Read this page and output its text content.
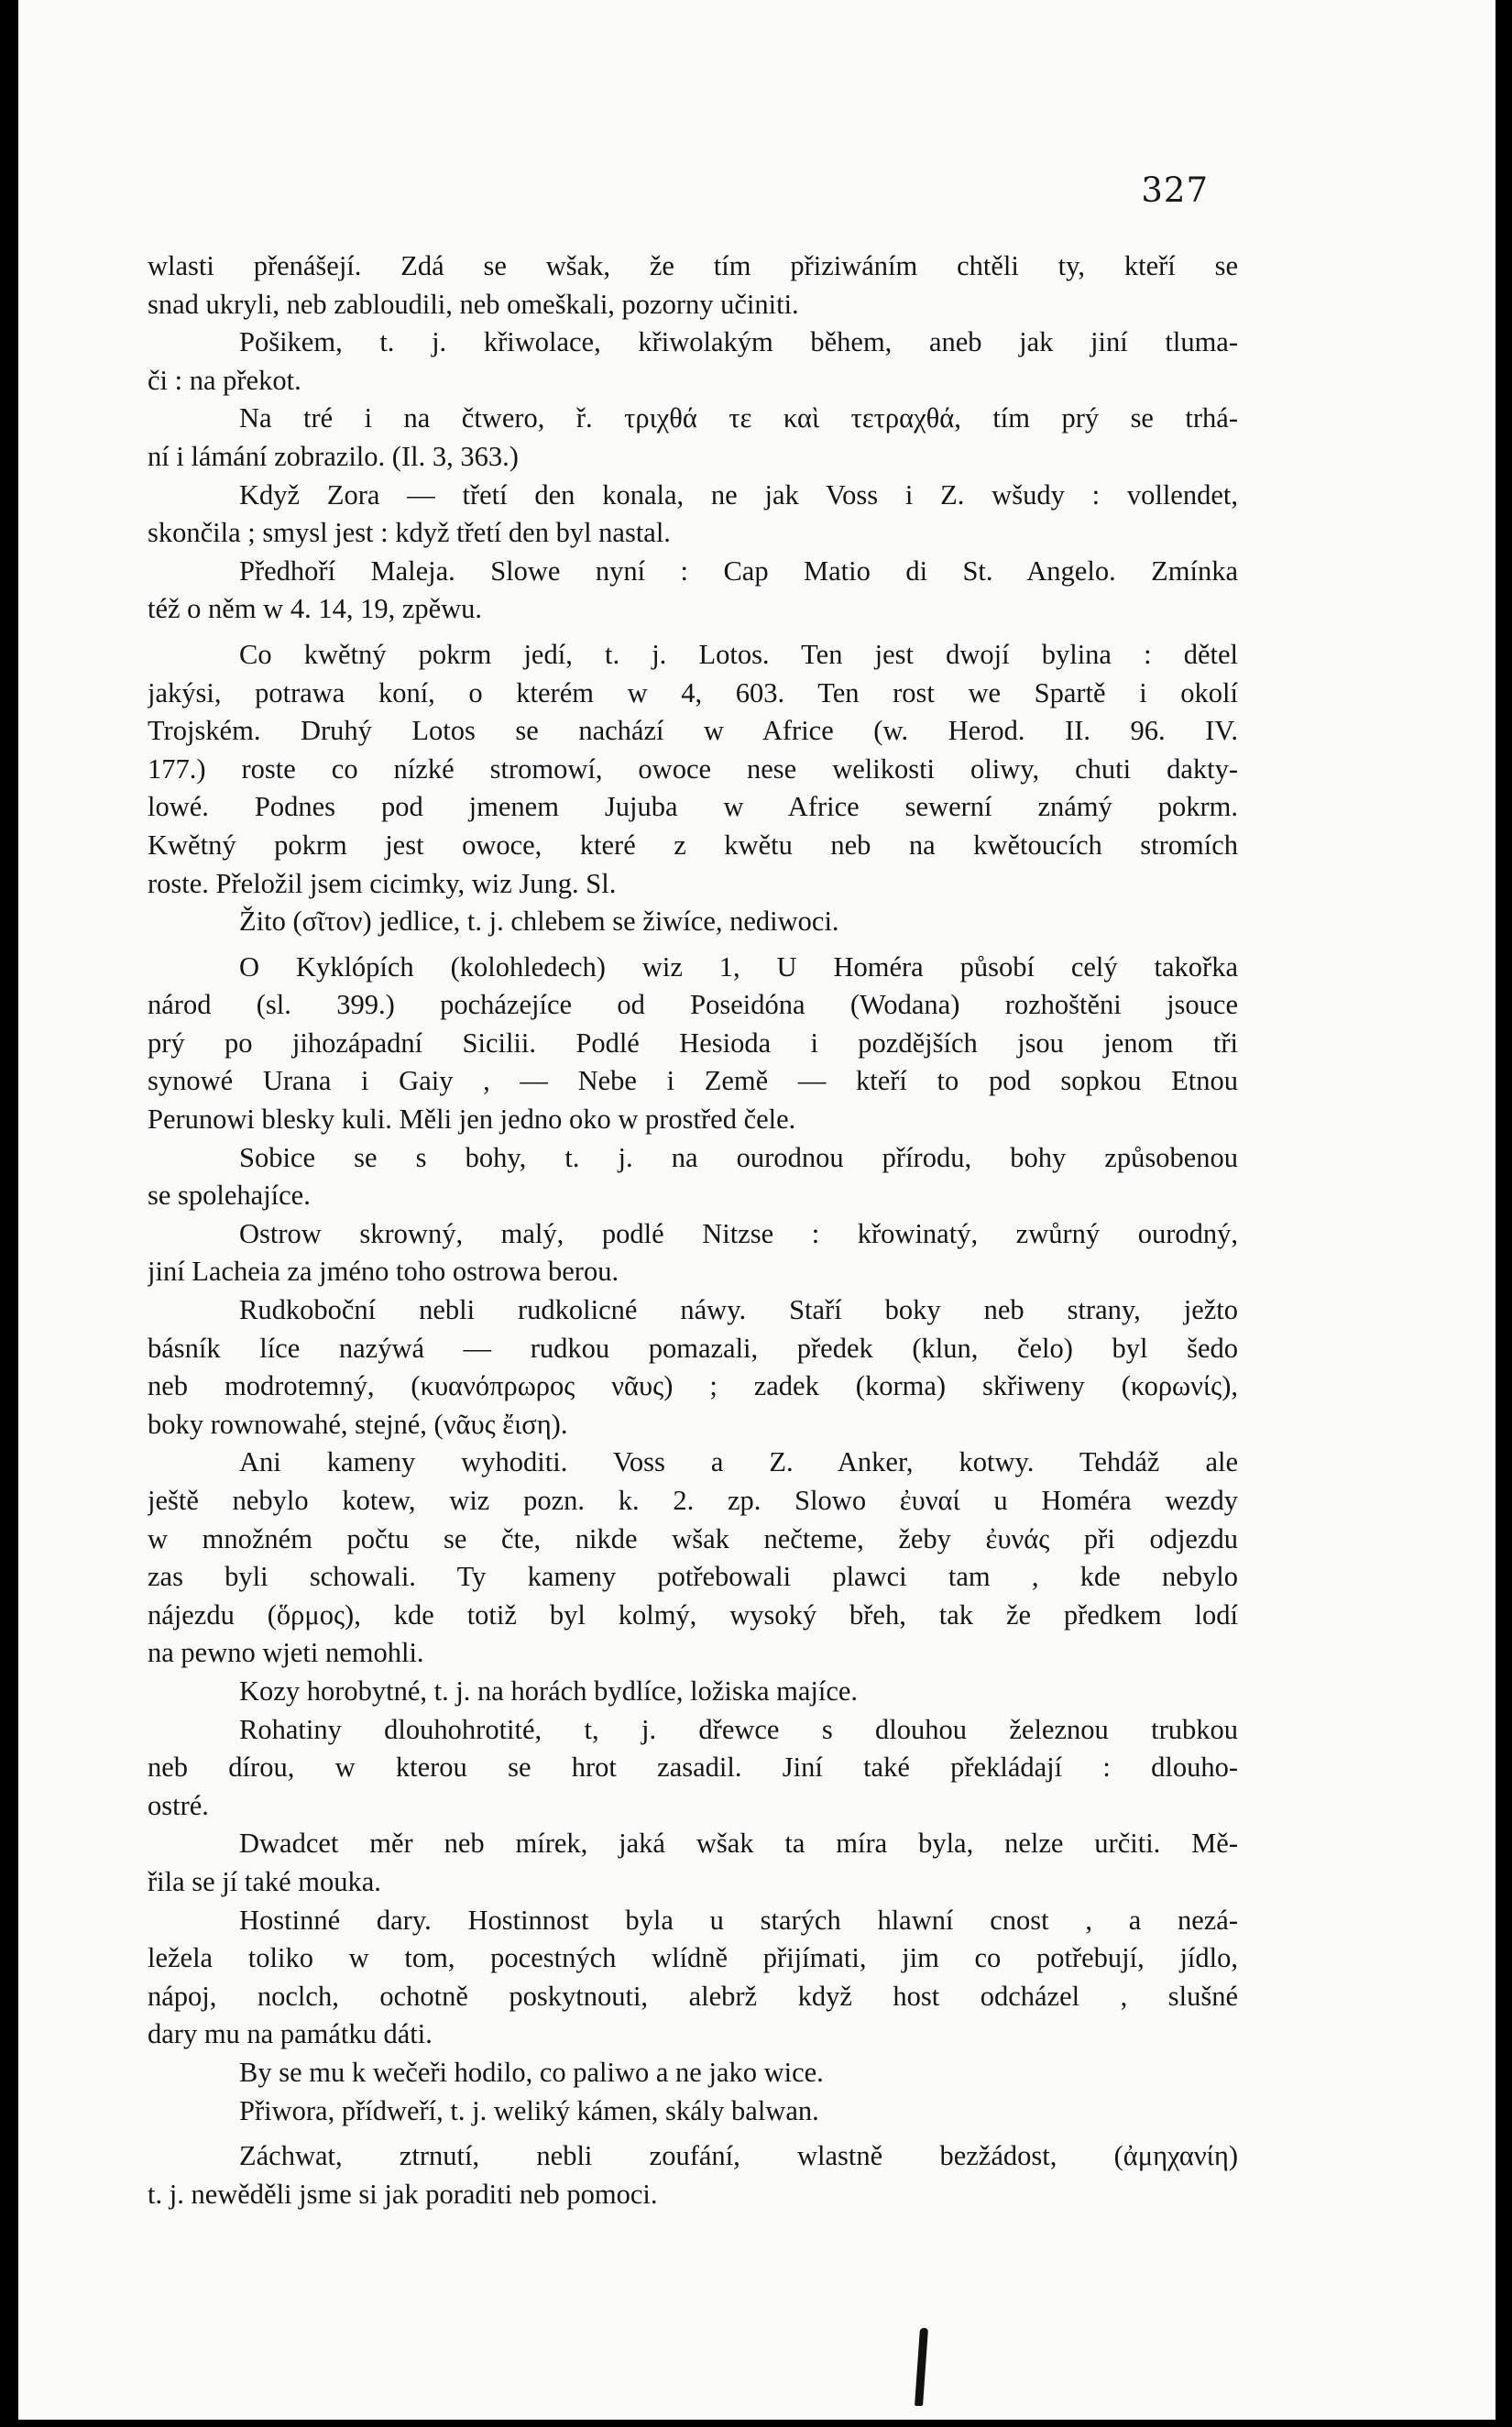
327
wlasti přenášejí. Zdá se wšak, že tím přiziwáním chtěli ty, kteří se
snad ukryli, neb zabloudili, neb omeškali, pozorny učiniti.
Pošikem, t. j. křiwolace, křiwolakým během, aneb jak jiní tluma-
či : na překot.
Na tré i na čtwero, ř. τριχθά τε καὶ τετραχθά, tím prý se trhá-
ní i lámání zobrazilo. (Il. 3, 363.)
Když Zora — třetí den konala, ne jak Voss i Z. wšudy : vollendet,
skončila ; smysl jest : když třetí den byl nastal.
Předhoří Maleja. Slowe nyní : Cap Matio di St. Angelo. Zmínka
též o něm w 4. 14, 19, zpěwu.
Co kwětný pokrm jedí, t. j. Lotos. Ten jest dwojí bylina : dětel
jakýsi, potrawa koní, o kterém w 4, 603. Ten rost we Spartě i okolí
Trojském. Druhý Lotos se nachází w Africe (w. Herod. II. 96. IV.
177.) roste co nízké stromowí, owoce nese welikosti oliwy, chuti dakty-
lowé. Podnes pod jmenem Jujuba w Africe sewerní známý pokrm.
Kwětný pokrm jest owoce, které z kwětu neb na kwětoucích stromích
roste. Přeložil jsem cicimky, wiz Jung. Sl.
Žito (σῖτον) jedlice, t. j. chlebem se žiwíce, nediwoci.
O Kyklópích (kolohledech) wiz 1, U Homéra působí celý takořka
národ (sl. 399.) pocházejíce od Poseidóna (Wodana) rozhoštěni jsouce
prý po jihozápadní Sicilii. Podlé Hesioda i pozdějších jsou jenom tři
synowé Urana i Gaiy , — Nebe i Země — kteří to pod sopkou Etnou
Perunowi blesky kuli. Měli jen jedno oko w prostřed čele.
Sobice se s bohy, t. j. na ourodnou přírodu, bohy způsobenou
se spolehajíce.
Ostrow skrowný, malý, podlé Nitzse : křowinatý, zwůrný ourodný,
jiní Lacheia za jméno toho ostrowa berou.
Rudkoboční nebli rudkolicné náwy. Staří boky neb strany, ježto
básník líce nazýwá — rudkou pomazali, předek (klun, čelo) byl šedo
neb modrotemný, (κυανόπρωρος νᾶυς) ; zadek (korma) skřiweny (κορωνίς),
boky rownowahé, stejné, (νᾶυς ἔιση).
Ani kameny wyhoditi. Voss a Z. Anker, kotwy. Tehdáž ale
ještě nebylo kotew, wiz pozn. k. 2. zp. Slowo ἐυναί u Homéra wezdy
w množném počtu se čte, nikde wšak nečteme, žeby ἐυνάς při odjezdu
zas byli schowali. Ty kameny potřebowali plawci tam , kde nebylo
nájezdu (ὅρμος), kde totiž byl kolmý, wysoký břeh, tak že předkem lodí
na pewno wjeti nemohli.
Kozy horobytné, t. j. na horách bydlíce, ložiska majíce.
Rohatiny dlouhohrotité, t, j. dřewce s dlouhou železnou trubkou
neb dírou, w kterou se hrot zasadil. Jiní také překládají : dlouho-
ostré.
Dwadcet měr neb mírek, jaká wšak ta míra byla, nelze určiti. Mě-
řila se jí také mouka.
Hostinné dary. Hostinnost byla u starých hlawní cnost , a nezá-
ležela toliko w tom, pocestných wlídně přijímati, jim co potřebují, jídlo,
nápoj, noclch, ochotně poskytnouti, alebrž když host odcházel , slušné
dary mu na památku dáti.
By se mu k wečeři hodilo, co paliwo a ne jako wice.
Přiwora, přídweří, t. j. weliký kámen, skály balwan.
Záchwat, ztrnutí, nebli zoufání, wlastně bezžádost, (ἀμηχανίη)
t. j. newěděli jsme si jak poraditi neb pomoci.
